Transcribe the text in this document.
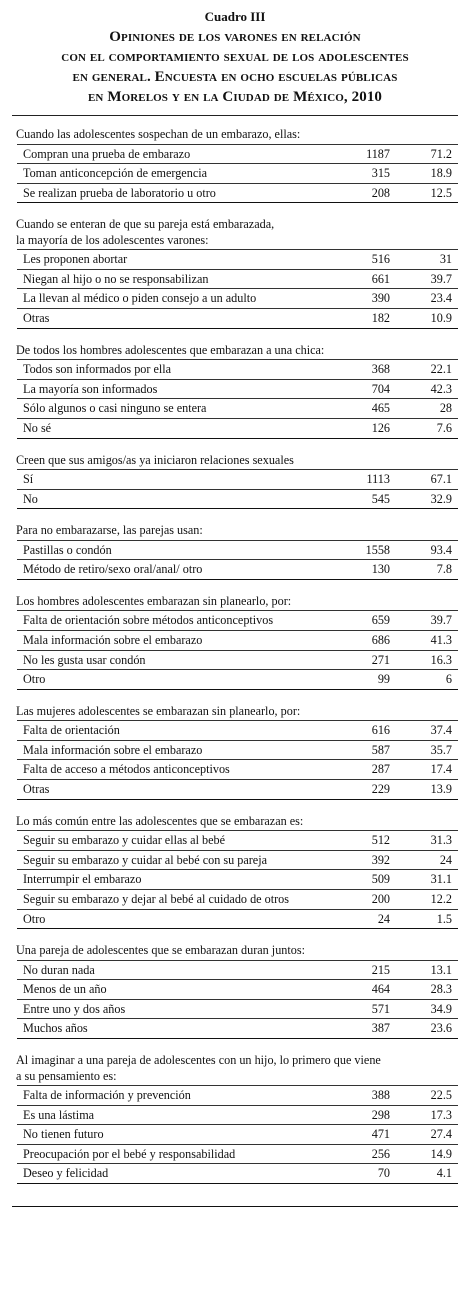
Cuadro III
Opiniones de los varones en relación
con el comportamiento sexual de los adolescentes
en general. Encuesta en ocho escuelas públicas
en Morelos y en la Ciudad de México, 2010
Cuando las adolescentes sospechan de un embarazo, ellas:
Compran una prueba de embarazo	1187	71.2
Toman anticoncepción de emergencia	315	18.9
Se realizan prueba de laboratorio u otro	208	12.5
Cuando se enteran de que su pareja está embarazada,
la mayoría de los adolescentes varones:
Les proponen abortar	516	31
Niegan al hijo o no se responsabilizan	661	39.7
La llevan al médico o piden consejo a un adulto	390	23.4
Otras	182	10.9
De todos los hombres adolescentes que embarazan a una chica:
Todos son informados por ella	368	22.1
La mayoría son informados	704	42.3
Sólo algunos o casi ninguno se entera	465	28
No sé	126	7.6
Creen que sus amigos/as ya iniciaron relaciones sexuales
Sí	1113	67.1
No	545	32.9
Para no embarazarse, las parejas usan:
Pastillas o condón	1558	93.4
Método de retiro/sexo oral/anal/ otro	130	7.8
Los hombres adolescentes embarazan sin planearlo, por:
Falta de orientación sobre métodos anticonceptivos	659	39.7
Mala información sobre el embarazo	686	41.3
No les gusta usar condón	271	16.3
Otro	99	6
Las mujeres adolescentes se embarazan sin planearlo, por:
Falta de orientación	616	37.4
Mala información sobre el embarazo	587	35.7
Falta de acceso a métodos anticonceptivos	287	17.4
Otras	229	13.9
Lo más común entre las adolescentes que se embarazan es:
Seguir su embarazo y cuidar ellas al bebé	512	31.3
Seguir su embarazo y cuidar al bebé con su pareja	392	24
Interrumpir el embarazo	509	31.1
Seguir su embarazo y dejar al bebé al cuidado de otros	200	12.2
Otro	24	1.5
Una pareja de adolescentes que se embarazan duran juntos:
No duran nada	215	13.1
Menos de un año	464	28.3
Entre uno y dos años	571	34.9
Muchos años	387	23.6
Al imaginar a una pareja de adolescentes con un hijo, lo primero que viene
a su pensamiento es:
Falta de información y prevención	388	22.5
Es una lástima	298	17.3
No tienen futuro	471	27.4
Preocupación por el bebé y responsabilidad	256	14.9
Deseo y felicidad	70	4.1
